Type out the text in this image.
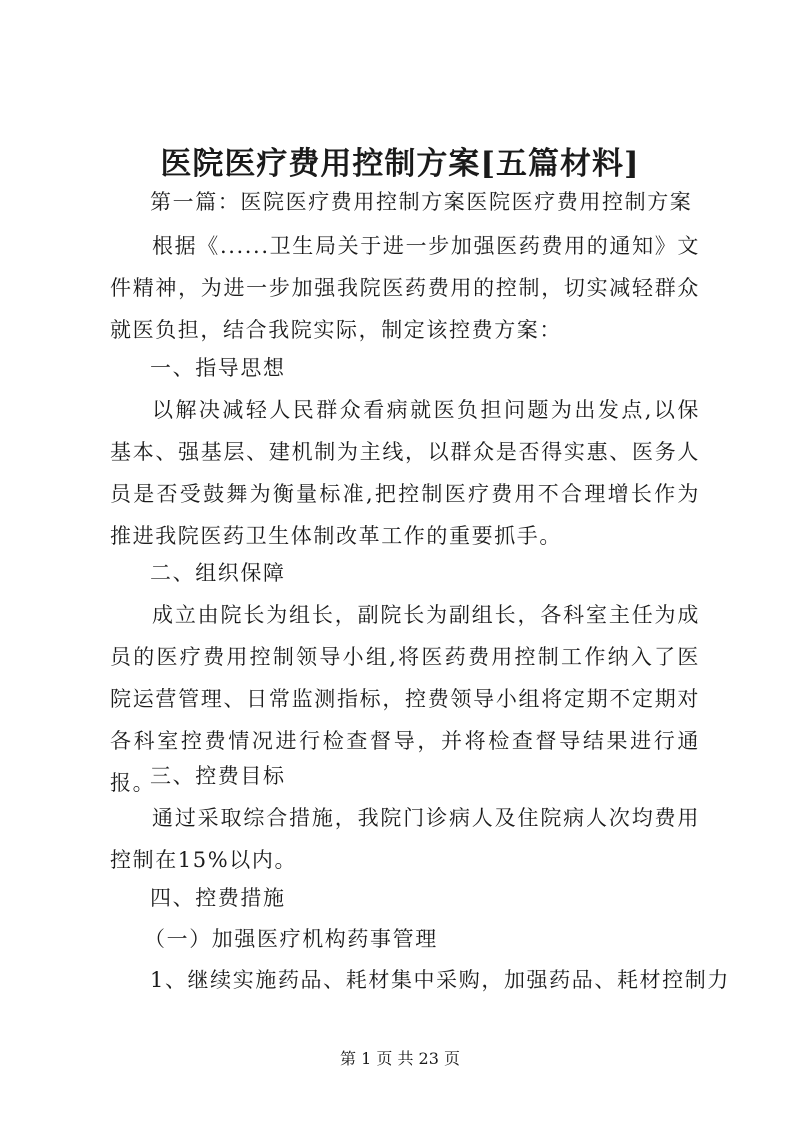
医院医疗费用控制方案[五篇材料]

第一篇：医院医疗费用控制方案医院医疗费用控制方案

根据《......卫生局关于进一步加强医药费用的通知》文件精神，为进一步加强我院医药费用的控制，切实减轻群众就医负担，结合我院实际，制定该控费方案：

一、指导思想

以解决减轻人民群众看病就医负担问题为出发点,以保基本、强基层、建机制为主线，以群众是否得实惠、医务人员是否受鼓舞为衡量标准,把控制医疗费用不合理增长作为推进我院医药卫生体制改革工作的重要抓手。

二、组织保障

成立由院长为组长，副院长为副组长，各科室主任为成员的医疗费用控制领导小组,将医药费用控制工作纳入了医院运营管理、日常监测指标，控费领导小组将定期不定期对各科室控费情况进行检查督导，并将检查督导结果进行通报。

三、控费目标

通过采取综合措施，我院门诊病人及住院病人次均费用控制在15%以内。

四、控费措施

（一）加强医疗机构药事管理

1、继续实施药品、耗材集中采购，加强药品、耗材控制力

第 1 页 共 23 页
